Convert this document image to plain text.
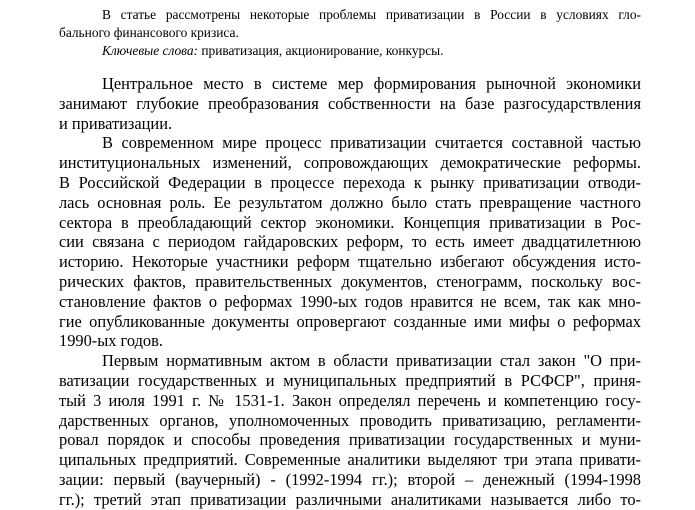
В статье рассмотрены некоторые проблемы приватизации в России в условиях гло-
бального финансового кризиса.
Ключевые слова: приватизация, акционирование, конкурсы.
Центральное место в системе мер формирования рыночной экономики
занимают глубокие преобразования собственности на базе разгосударствления
и приватизации.
В современном мире процесс приватизации считается составной частью
институциональных изменений, сопровождающих демократические реформы.
В Российской Федерации в процессе перехода к рынку приватизации отводи-
лась основная роль. Ее результатом должно было стать превращение частного
сектора в преобладающий сектор экономики. Концепция приватизации в Рос-
сии связана с периодом гайдаровских реформ, то есть имеет двадцатилетнюю
историю. Некоторые участники реформ тщательно избегают обсуждения исто-
рических фактов, правительственных документов, стенограмм, поскольку вос-
становление фактов о реформах 1990-ых годов нравится не всем, так как мно-
гие опубликованные документы опровергают созданные ими мифы о реформах
1990-ых годов.
Первым нормативным актом в области приватизации стал закон "О при-
ватизации государственных и муниципальных предприятий в РСФСР", приня-
тый 3 июля 1991 г. № 1531-1. Закон определял перечень и компетенцию госу-
дарственных органов, уполномоченных проводить приватизацию, регламенти-
ровал порядок и способы проведения приватизации государственных и муни-
ципальных предприятий. Современные аналитики выделяют три этапа привати-
зации: первый (ваучерный) - (1992-1994 гг.); второй – денежный (1994-1998
гг.); третий этап приватизации различными аналитиками называется либо то-
